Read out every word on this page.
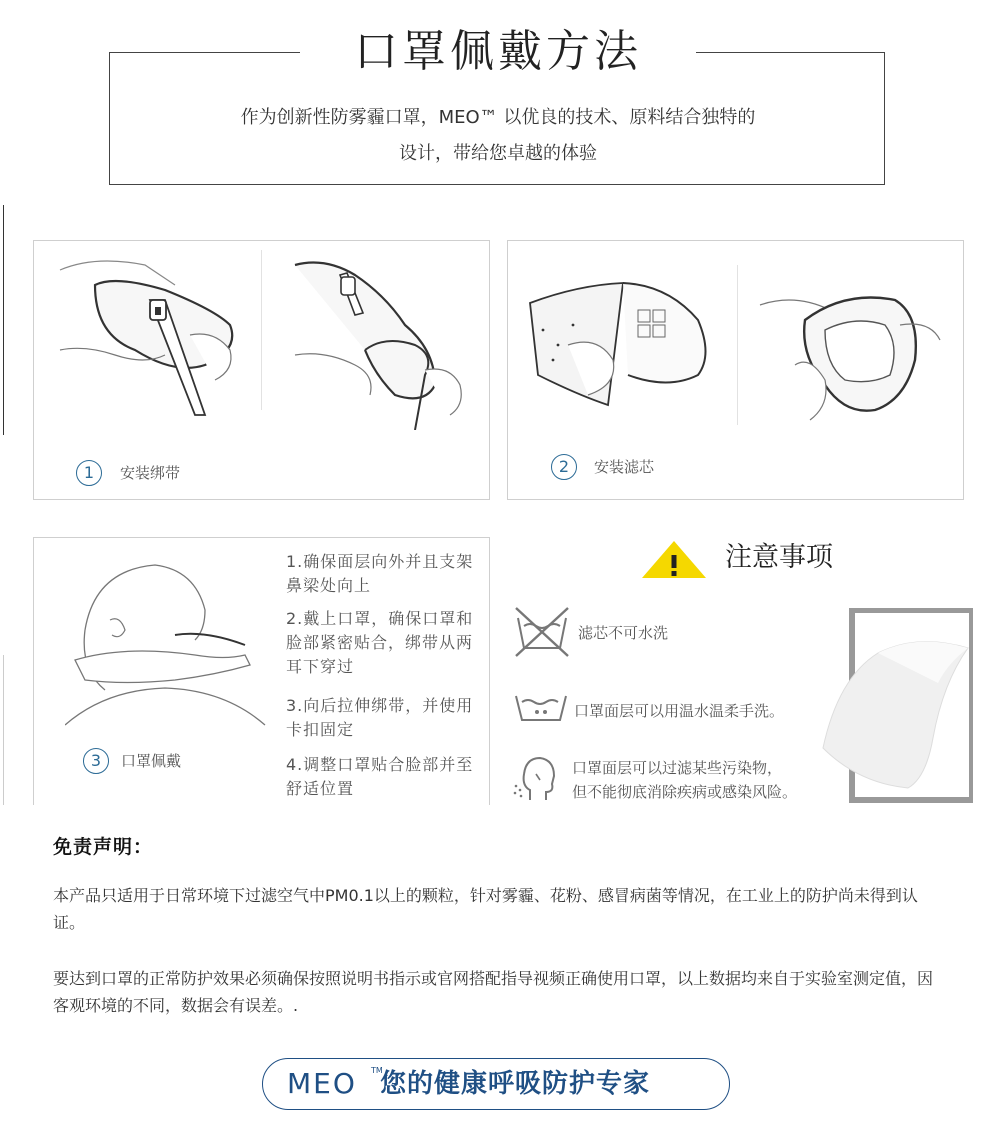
口罩佩戴方法
作为创新性防雾霾口罩，MEO™ 以优良的技术、原料结合独特的
设计，带给您卓越的体验
1	安装绑带	2	安装滤芯
3	口罩佩戴
1.确保面层向外并且支架鼻梁处向上
2.戴上口罩，确保口罩和脸部紧密贴合，绑带从两耳下穿过
3.向后拉伸绑带，并使用卡扣固定
4.调整口罩贴合脸部并至舒适位置
注意事项
滤芯不可水洗
口罩面层可以用温水温柔手洗。
口罩面层可以过滤某些污染物，
但不能彻底消除疾病或感染风险。
免责声明：
本产品只适用于日常环境下过滤空气中PM0.1以上的颗粒，针对雾霾、花粉、感冒病菌等情况，在工业上的防护尚未得到认证。
要达到口罩的正常防护效果必须确保按照说明书指示或官网搭配指导视频正确使用口罩，以上数据均来自于实验室测定值，因客观环境的不同，数据会有误差。.
MEO TM
您的健康呼吸防护专家
